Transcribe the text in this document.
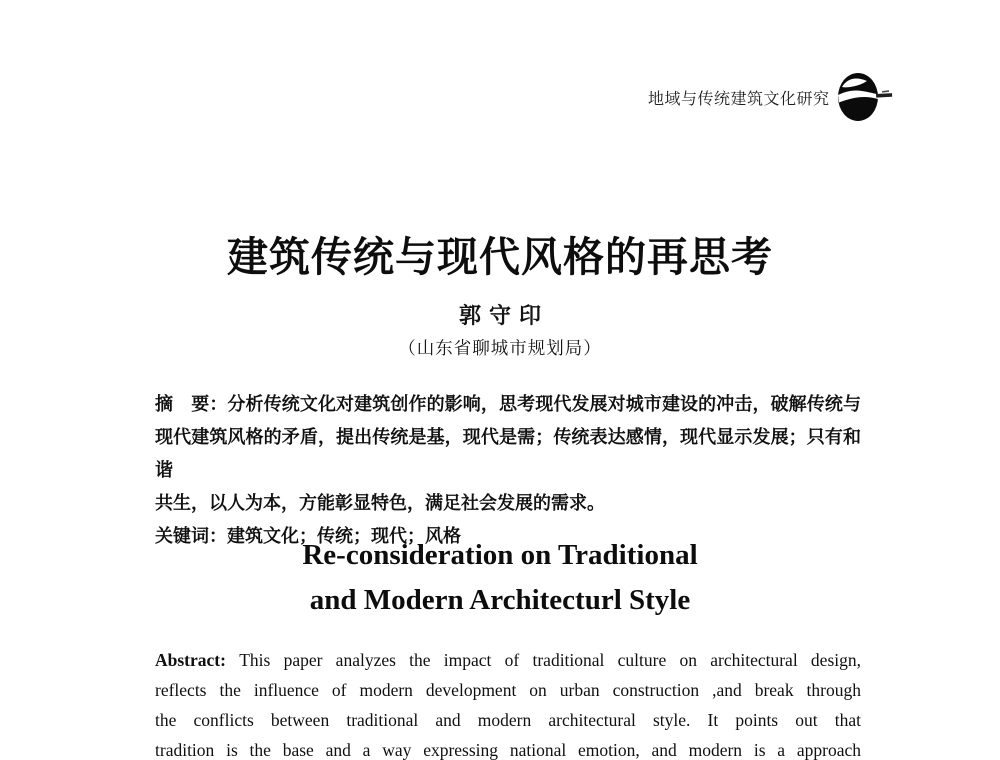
地域与传统建筑文化研究
建筑传统与现代风格的再思考
郭守印
（山东省聊城市规划局）
摘　要：分析传统文化对建筑创作的影响，思考现代发展对城市建设的冲击，破解传统与
现代建筑风格的矛盾，提出传统是基，现代是需；传统表达感情，现代显示发展；只有和谐
共生，以人为本，方能彰显特色，满足社会发展的需求。
关键词：建筑文化；传统；现代；风格
Re-consideration on Traditional
and Modern Architecturl Style
Abstract: This paper analyzes the impact of traditional culture on architectural design,
reflects the influence of modern development on urban construction ,and break through
the conflicts between traditional and modern architectural style. It points out that
tradition is the base and a way expressing national emotion, and modern is a approach
